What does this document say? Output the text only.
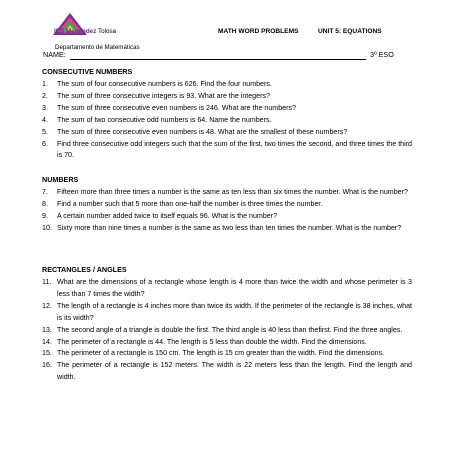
IES Menéndez Tolosa
Departamento de Matemáticas
MATH WORD PROBLEMS	UNIT 5: EQUATIONS
NAME:	3º ESO
CONSECUTIVE NUMBERS
1.	The sum of four consecutive numbers is 626. Find the four numbers.
2.	The sum of three consecutive integers is 93. What are the integers?
3.	The sum of three consecutive even numbers is 246. What are the numbers?
4.	The sum of two consecutive odd numbers is 64. Name the numbers.
5.	The sum of three consecutive even numbers is 48. What are the smallest of these numbers?
6.	Find three consecutive odd integers such that the sum of the first, two times the second, and three times the third is 70.
NUMBERS
7.	Fifteen more than three times a number is the same as ten less than six times the number. What is the number?
8.	Find a number such that 5 more than one-half the number is three times the number.
9.	A certain number added twice to itself equals 96. What is the number?
10. Sixty more than nine times a number is the same as two less than ten times the number. What is the number?
RECTANGLES / ANGLES
11. What are the dimensions of a rectangle whose length is 4 more than twice the width and whose perimeter is 3 less than 7 times the width?
12. The length of a rectangle is 4 inches more than twice its width. If the perimeter of the rectangle is 38 inches, what is its width?
13. The second angle of a triangle is double the first. The third angle is 40 less than thefirst. Find the three angles.
14. The perimeter of a rectangle is 44. The length is 5 less than double the width. Find the dimensions.
15. The perimeter of a rectangle is 150 cm. The length is 15 cm greater than the width. Find the dimensions.
16. The perimeter of a rectangle is 152 meters. The width is 22 meters less than the length. Find the length and width.
